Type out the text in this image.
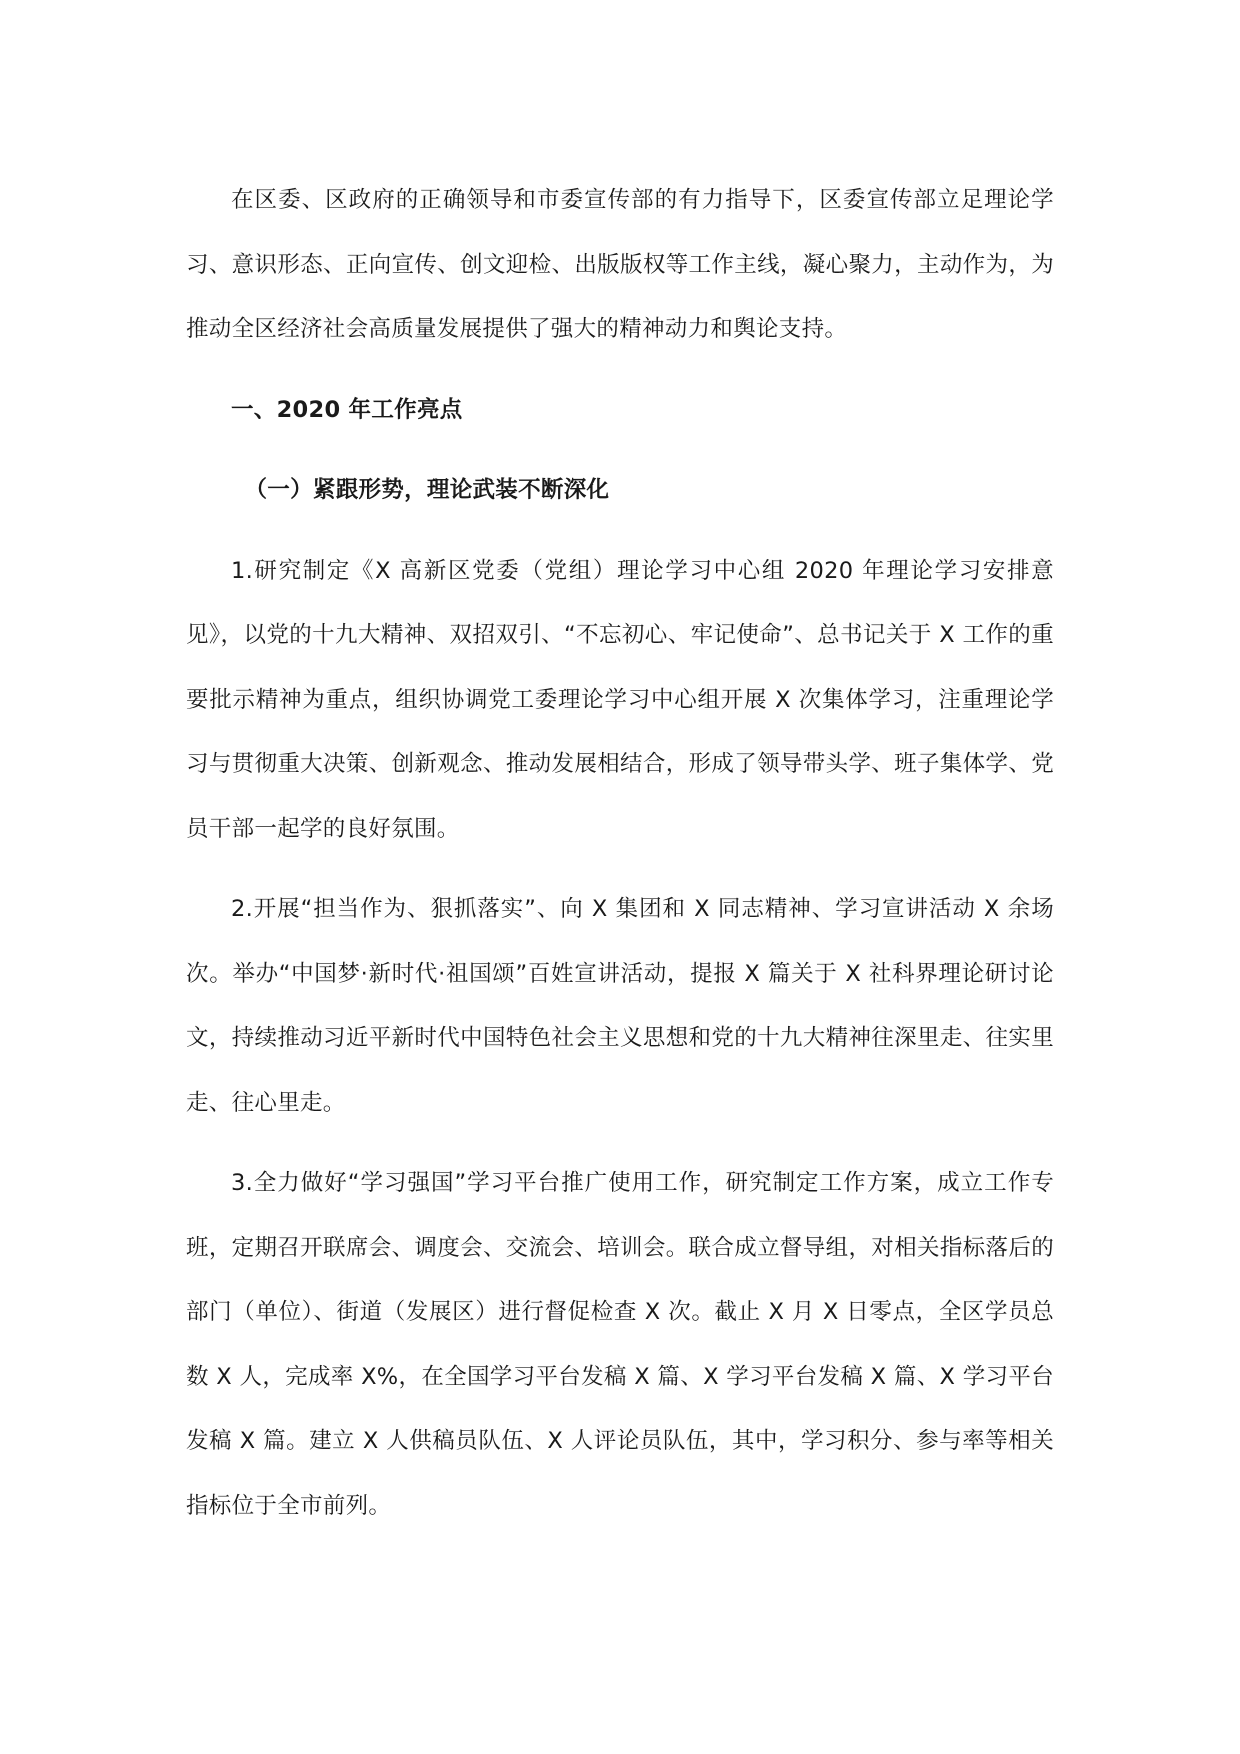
在区委、区政府的正确领导和市委宣传部的有力指导下，区委宣传部立足理论学习、意识形态、正向宣传、创文迎检、出版版权等工作主线，凝心聚力，主动作为，为推动全区经济社会高质量发展提供了强大的精神动力和舆论支持。

一、2020 年工作亮点

（一）紧跟形势，理论武装不断深化

1.研究制定《X 高新区党委（党组）理论学习中心组 2020 年理论学习安排意见》，以党的十九大精神、双招双引、“不忘初心、牢记使命”、总书记关于 X 工作的重要批示精神为重点，组织协调党工委理论学习中心组开展 X 次集体学习，注重理论学习与贯彻重大决策、创新观念、推动发展相结合，形成了领导带头学、班子集体学、党员干部一起学的良好氛围。

2.开展“担当作为、狠抓落实”、向 X 集团和 X 同志精神、学习宣讲活动 X 余场次。举办“中国梦·新时代·祖国颂”百姓宣讲活动，提报 X 篇关于 X 社科界理论研讨论文，持续推动习近平新时代中国特色社会主义思想和党的十九大精神往深里走、往实里走、往心里走。

3.全力做好“学习强国”学习平台推广使用工作，研究制定工作方案，成立工作专班，定期召开联席会、调度会、交流会、培训会。联合成立督导组，对相关指标落后的部门（单位）、街道（发展区）进行督促检查 X 次。截止 X 月 X 日零点，全区学员总数 X 人，完成率 X%，在全国学习平台发稿 X 篇、X 学习平台发稿 X 篇、X 学习平台发稿 X 篇。建立 X 人供稿员队伍、X 人评论员队伍，其中，学习积分、参与率等相关指标位于全市前列。
